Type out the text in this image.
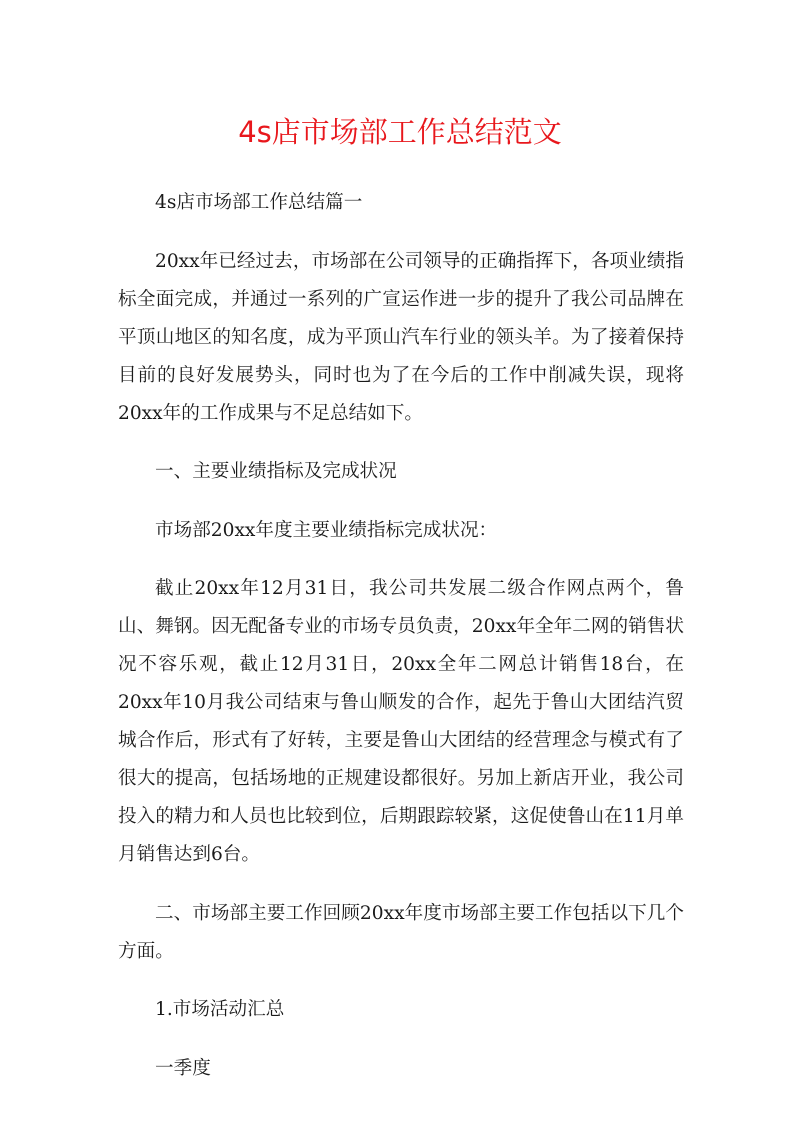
4s店市场部工作总结范文

4s店市场部工作总结篇一

20xx年已经过去，市场部在公司领导的正确指挥下，各项业绩指标全面完成，并通过一系列的广宣运作进一步的提升了我公司品牌在平顶山地区的知名度，成为平顶山汽车行业的领头羊。为了接着保持目前的良好发展势头，同时也为了在今后的工作中削减失误，现将20xx年的工作成果与不足总结如下。

一、主要业绩指标及完成状况

市场部20xx年度主要业绩指标完成状况：

截止20xx年12月31日，我公司共发展二级合作网点两个，鲁山、舞钢。因无配备专业的市场专员负责，20xx年全年二网的销售状况不容乐观，截止12月31日，20xx全年二网总计销售18台，在20xx年10月我公司结束与鲁山顺发的合作，起先于鲁山大团结汽贸城合作后，形式有了好转，主要是鲁山大团结的经营理念与模式有了很大的提高，包括场地的正规建设都很好。另加上新店开业，我公司投入的精力和人员也比较到位，后期跟踪较紧，这促使鲁山在11月单月销售达到6台。

二、市场部主要工作回顾20xx年度市场部主要工作包括以下几个方面。

1.市场活动汇总

一季度
